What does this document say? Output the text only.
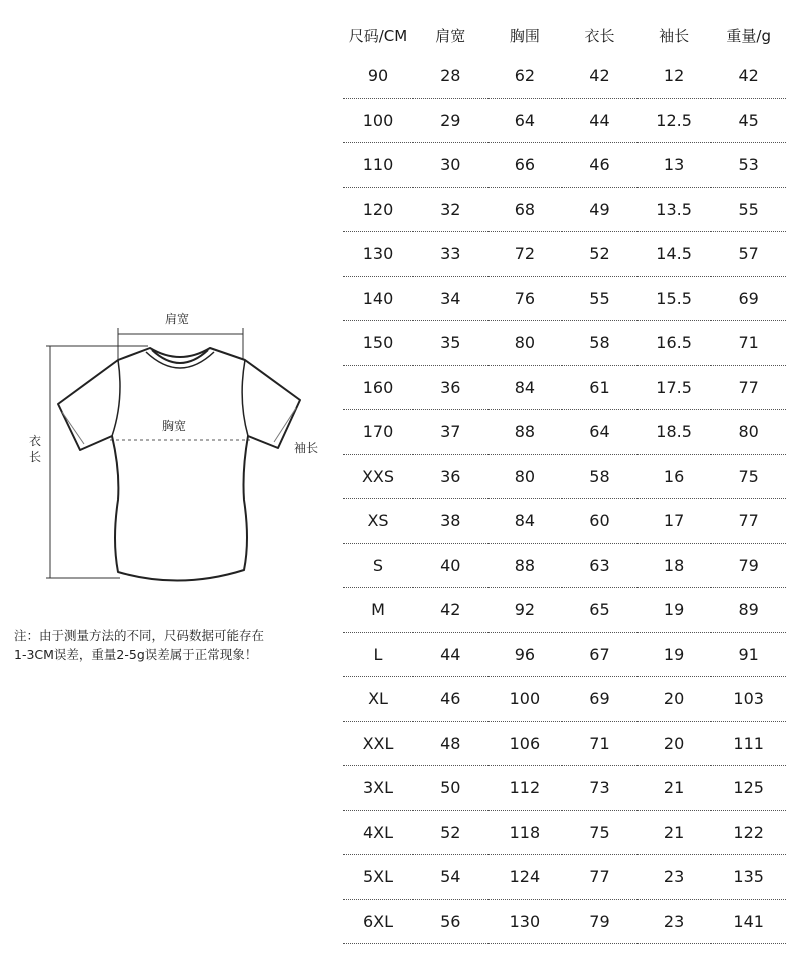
肩宽
胸宽
袖长
衣长
注：由于测量方法的不同，尺码数据可能存在
1-3CM误差，重量2-5g误差属于正常现象！
尺码/CM	肩宽	胸围	衣长	袖长	重量/g
90	28	62	42	12	42
100	29	64	44	12.5	45
110	30	66	46	13	53
120	32	68	49	13.5	55
130	33	72	52	14.5	57
140	34	76	55	15.5	69
150	35	80	58	16.5	71
160	36	84	61	17.5	77
170	37	88	64	18.5	80
XXS	36	80	58	16	75
XS	38	84	60	17	77
S	40	88	63	18	79
M	42	92	65	19	89
L	44	96	67	19	91
XL	46	100	69	20	103
XXL	48	106	71	20	111
3XL	50	112	73	21	125
4XL	52	118	75	21	122
5XL	54	124	77	23	135
6XL	56	130	79	23	141
